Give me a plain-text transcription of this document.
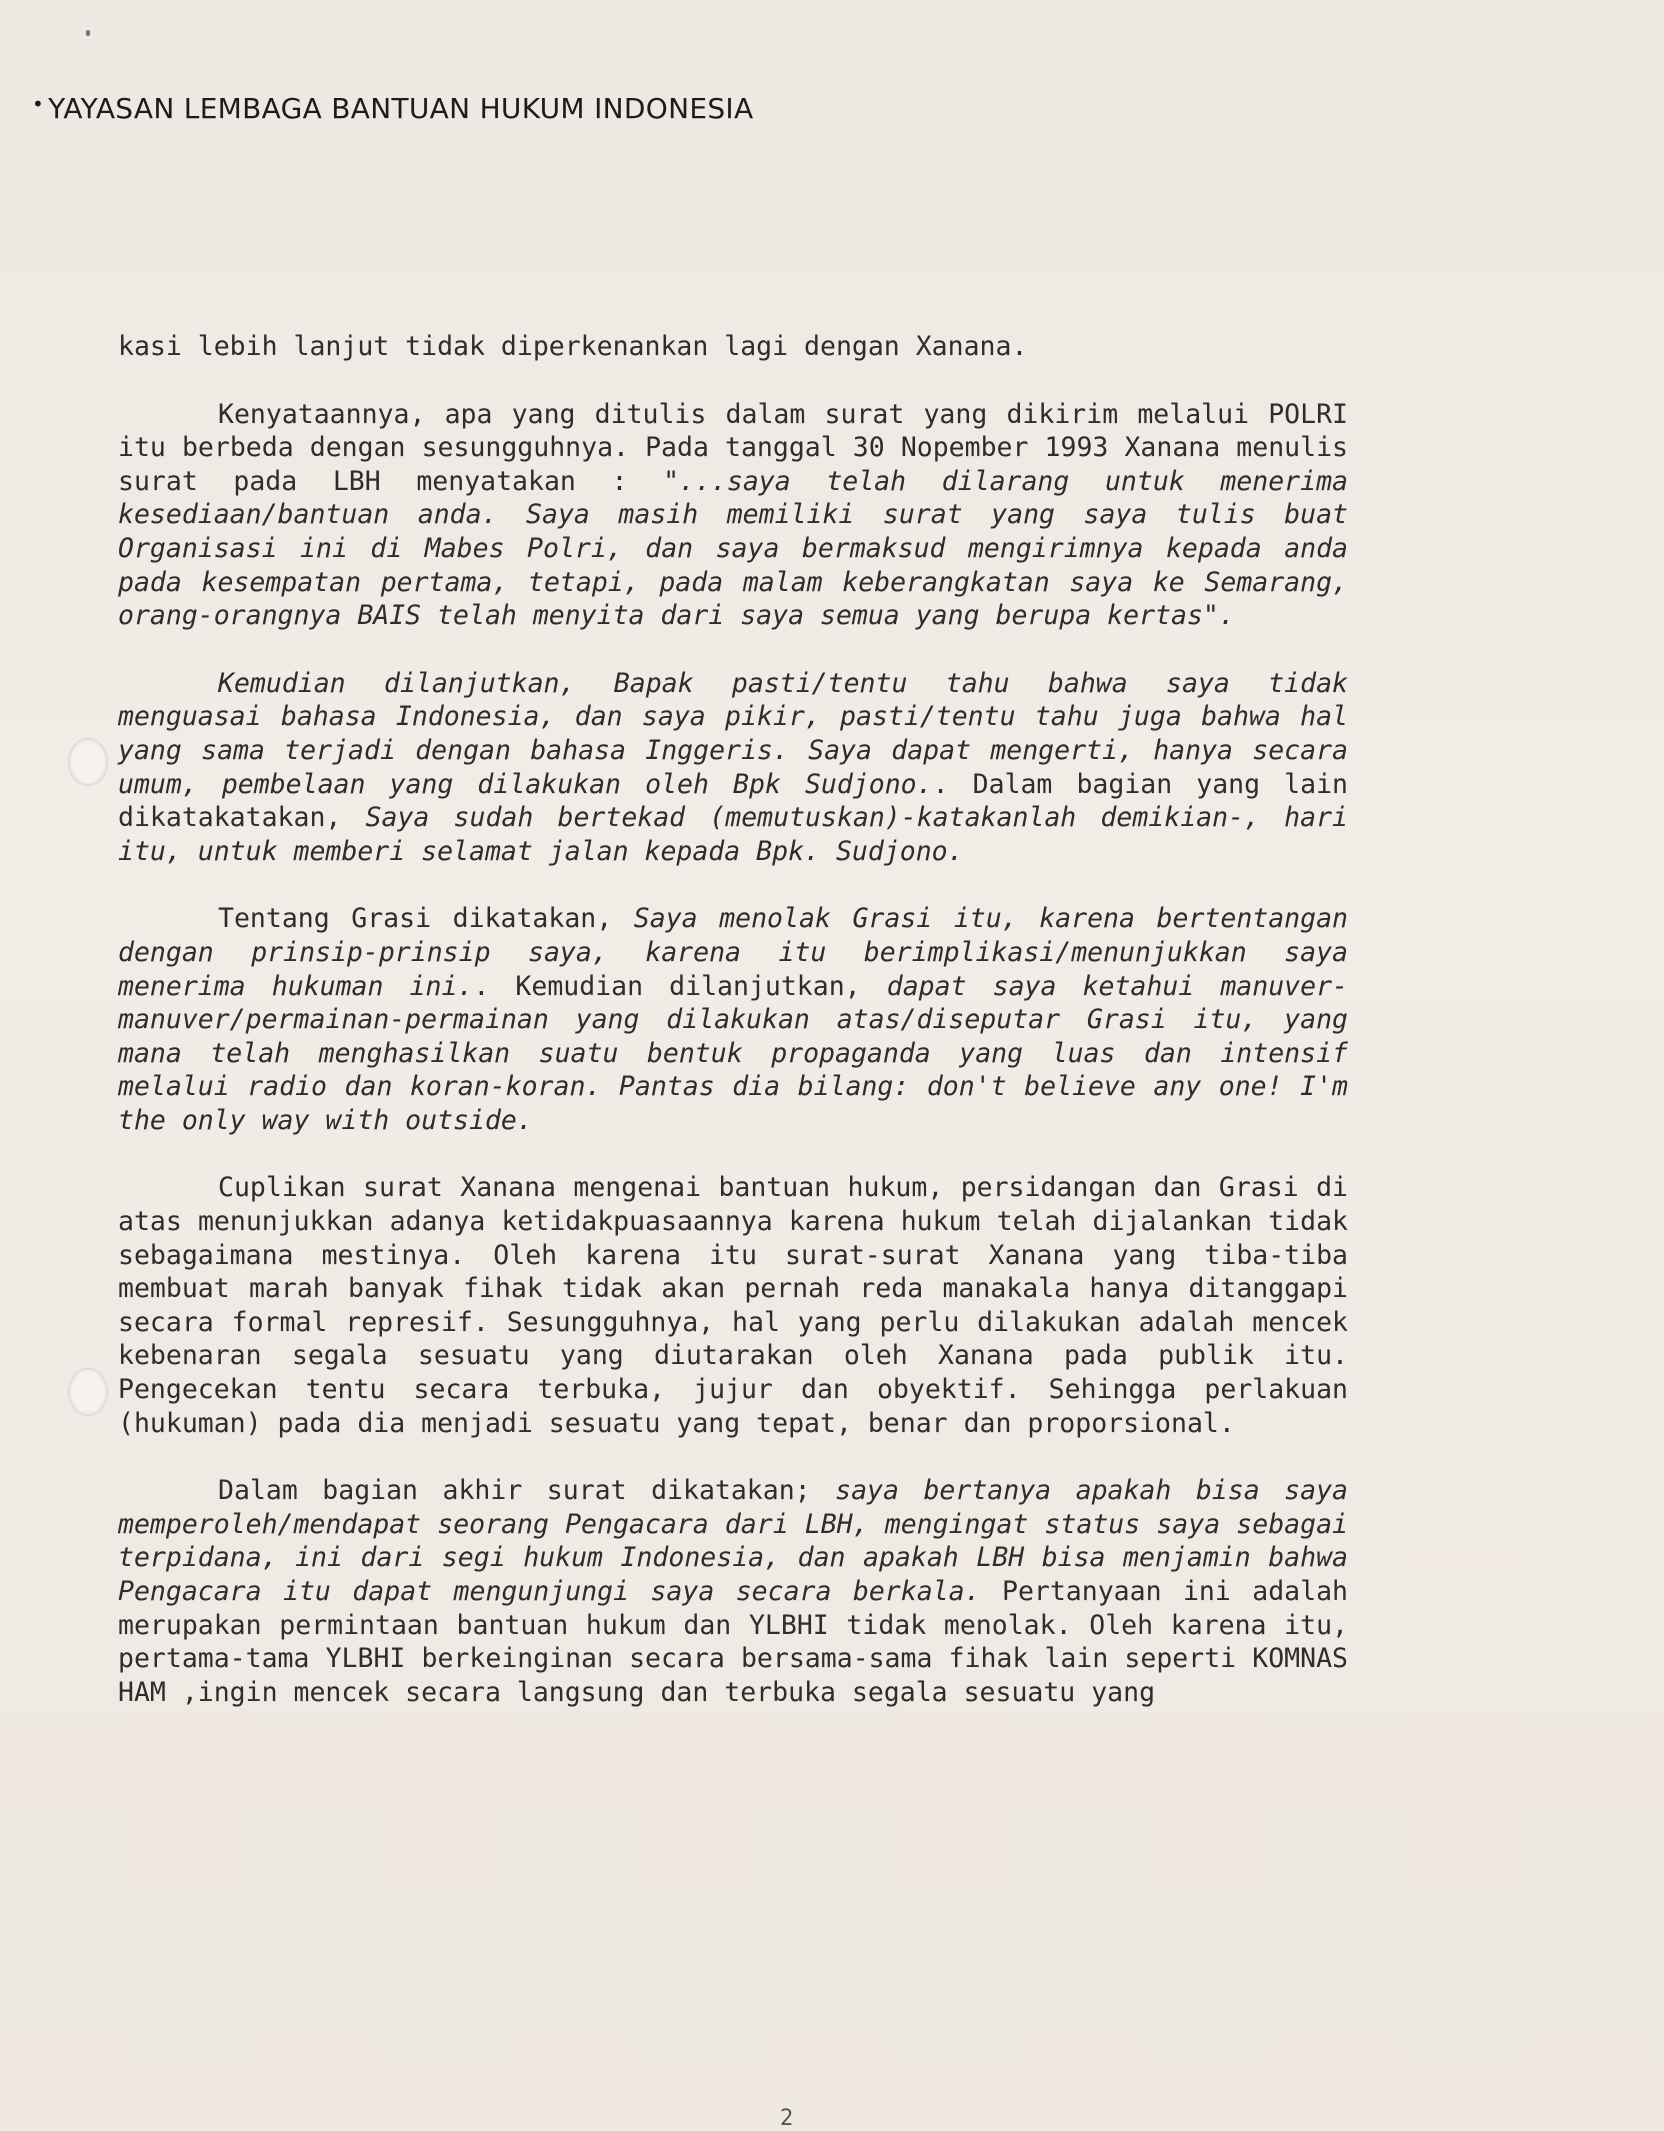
• YAYASAN LEMBAGA BANTUAN HUKUM INDONESIA

kasi lebih lanjut tidak diperkenankan lagi dengan Xanana.

Kenyataannya, apa yang ditulis dalam surat yang dikirim melalui POLRI itu berbeda dengan sesungguhnya. Pada tanggal 30 Nopember 1993 Xanana menulis surat pada LBH menyatakan : "...saya telah dilarang untuk menerima kesediaan/bantuan anda. Saya masih memiliki surat yang saya tulis buat Organisasi ini di Mabes Polri, dan saya bermaksud mengirimnya kepada anda pada kesempatan pertama, tetapi, pada malam keberangkatan saya ke Semarang, orang-orangnya BAIS telah menyita dari saya semua yang berupa kertas".

Kemudian dilanjutkan, Bapak pasti/tentu tahu bahwa saya tidak menguasai bahasa Indonesia, dan saya pikir, pasti/tentu tahu juga bahwa hal yang sama terjadi dengan bahasa Inggeris. Saya dapat mengerti, hanya secara umum, pembelaan yang dilakukan oleh Bpk Sudjono.. Dalam bagian yang lain dikatakatakan, Saya sudah bertekad (memutuskan)-katakanlah demikian-, hari itu, untuk memberi selamat jalan kepada Bpk. Sudjono.

Tentang Grasi dikatakan, Saya menolak Grasi itu, karena bertentangan dengan prinsip-prinsip saya, karena itu berimplikasi/menunjukkan saya menerima hukuman ini.. Kemudian dilanjutkan, dapat saya ketahui manuver-manuver/permainan-permainan yang dilakukan atas/diseputar Grasi itu, yang mana telah menghasilkan suatu bentuk propaganda yang luas dan intensif melalui radio dan koran-koran. Pantas dia bilang: don't believe any one! I'm the only way with outside.

Cuplikan surat Xanana mengenai bantuan hukum, persidangan dan Grasi di atas menunjukkan adanya ketidakpuasaannya karena hukum telah dijalankan tidak sebagaimana mestinya. Oleh karena itu surat-surat Xanana yang tiba-tiba membuat marah banyak fihak tidak akan pernah reda manakala hanya ditanggapi secara formal represif. Sesungguhnya, hal yang perlu dilakukan adalah mencek kebenaran segala sesuatu yang diutarakan oleh Xanana pada publik itu. Pengecekan tentu secara terbuka, jujur dan obyektif. Sehingga perlakuan (hukuman) pada dia menjadi sesuatu yang tepat, benar dan proporsional.

Dalam bagian akhir surat dikatakan; saya bertanya apakah bisa saya memperoleh/mendapat seorang Pengacara dari LBH, mengingat status saya sebagai terpidana, ini dari segi hukum Indonesia, dan apakah LBH bisa menjamin bahwa Pengacara itu dapat mengunjungi saya secara berkala. Pertanyaan ini adalah merupakan permintaan bantuan hukum dan YLBHI tidak menolak. Oleh karena itu, pertama-tama YLBHI berkeinginan secara bersama-sama fihak lain seperti KOMNAS HAM ,ingin mencek secara langsung dan terbuka segala sesuatu yang

2
